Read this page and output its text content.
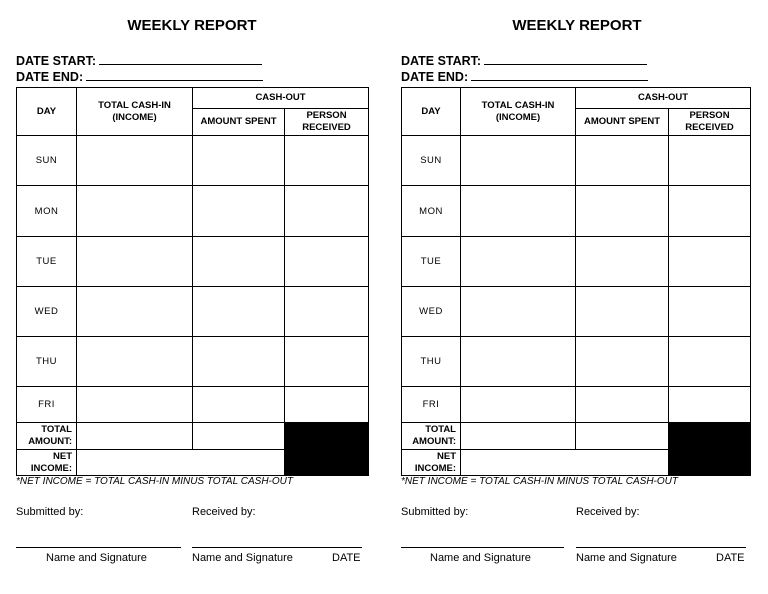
WEEKLY REPORT
DATE START:
DATE END:
DAY	TOTAL CASH-IN (INCOME)	CASH-OUT	
		AMOUNT SPENT	PERSON RECEIVED
SUN			
MON			
TUE			
WED			
THU			
FRI			
TOTAL AMOUNT:			
NET INCOME:			
*NET INCOME = TOTAL CASH-IN MINUS TOTAL CASH-OUT
Submitted by:	Received by:
Name and Signature	Name and Signature	DATE
WEEKLY REPORT
DATE START:
DATE END:
DAY	TOTAL CASH-IN (INCOME)	CASH-OUT	
		AMOUNT SPENT	PERSON RECEIVED
SUN			
MON			
TUE			
WED			
THU			
FRI			
TOTAL AMOUNT:			
NET INCOME:			
*NET INCOME = TOTAL CASH-IN MINUS TOTAL CASH-OUT
Submitted by:	Received by:
Name and Signature	Name and Signature	DATE
